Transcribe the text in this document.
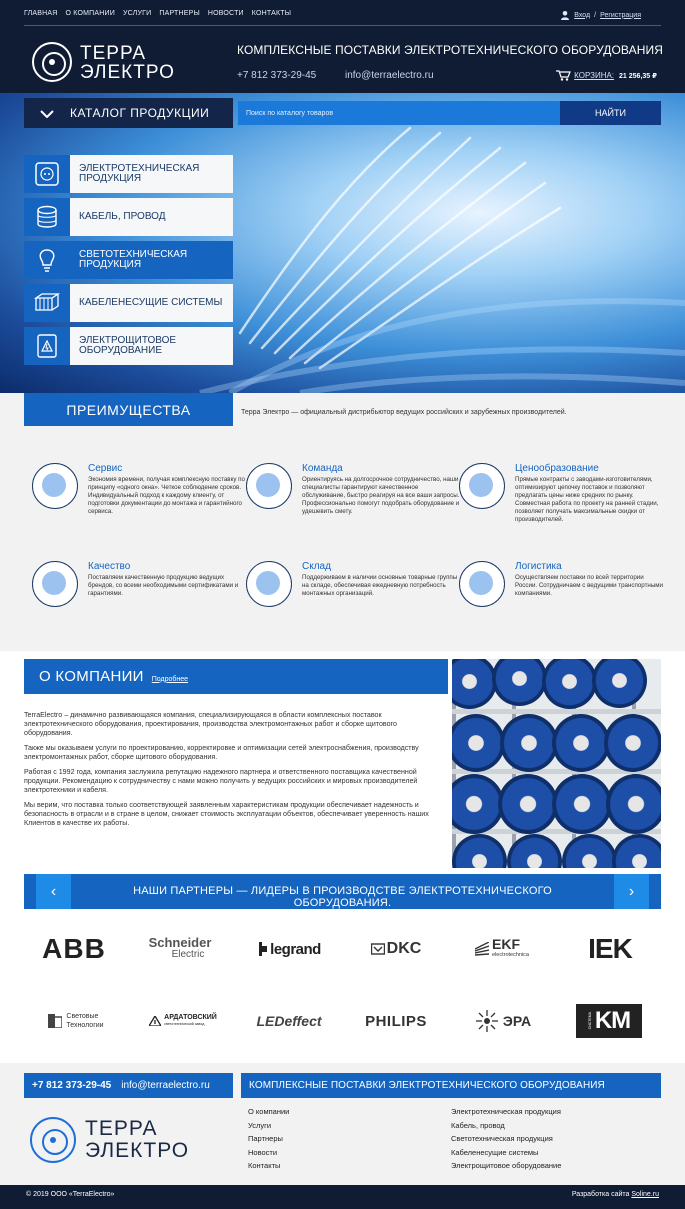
ГЛАВНАЯ О КОМПАНИИ УСЛУГИ ПАРТНЕРЫ НОВОСТИ КОНТАКТЫ	Вход / Регистрация
ТЕРРА
ЭЛЕКТРО
КОМПЛЕКСНЫЕ ПОСТАВКИ ЭЛЕКТРОТЕХНИЧЕСКОГО ОБОРУДОВАНИЯ
+7 812 373-29-45	info@terraelectro.ru	КОРЗИНА: 21 256,35 ₽
КАТАЛОГ ПРОДУКЦИИ
Поиск по каталогу товаров	НАЙТИ
ЭЛЕКТРОТЕХНИЧЕСКАЯ ПРОДУКЦИЯ
КАБЕЛЬ, ПРОВОД
СВЕТОТЕХНИЧЕСКАЯ ПРОДУКЦИЯ
КАБЕЛЕНЕСУЩИЕ СИСТЕМЫ
ЭЛЕКТРОЩИТОВОЕ ОБОРУДОВАНИЕ
ПРЕИМУЩЕСТВА	Терра Электро — официальный дистрибьютор ведущих российских и зарубежных производителей.
Сервис
Экономия времени, получая комплексную поставку по принципу «одного окна». Четкое соблюдение сроков. Индивидуальный подход к каждому клиенту, от подготовки документации до монтажа и гарантийного сервиса.
Команда
Ориентируясь на долгосрочное сотрудничество, наши специалисты гарантируют качественное обслуживание, быстро реагируя на все ваши запросы. Профессионально помогут подобрать оборудование и удешевить смету.
Ценообразование
Прямые контракты с заводами-изготовителями, оптимизируют цепочку поставок и позволяют предлагать цены ниже средних по рынку. Совместная работа по проекту на ранней стадии, позволяет получать максимальные скидки от производителей.
Качество
Поставляем качественную продукцию ведущих брендов, со всеми необходимыми сертификатами и гарантиями.
Склад
Поддерживаем в наличии основные товарные группы на складе, обеспечивая ежедневную потребность монтажных организаций.
Логистика
Осуществляем поставки по всей территории России. Сотрудничаем с ведущими транспортными компаниями.
О КОМПАНИИ Подробнее

TerraElectro – динамично развивающаяся компания, специализирующаяся в области комплексных поставок электротехнического оборудования, проектирования, производства электромонтажных работ и сборке щитового оборудования.

Также мы оказываем услуги по проектированию, корректировке и оптимизации сетей электроснабжения, производству электромонтажных работ, сборке щитового оборудования.

Работая с 1992 года, компания заслужила репутацию надежного партнера и ответственного поставщика качественной продукции. Рекомендацию к сотрудничеству с нами можно получить у ведущих российских и мировых производителей электротехники и кабеля.

Мы верим, что поставка только соответствующей заявленным характеристикам продукции обеспечивает надежность и безопасность в отрасли и в стране в целом, снижает стоимость эксплуатации объектов, обеспечивает уверенность наших Клиентов в качестве их работы.

‹	НАШИ ПАРТНЕРЫ — ЛИДЕРЫ В ПРОИЗВОДСТВЕ ЭЛЕКТРОТЕХНИЧЕСКОГО ОБОРУДОВАНИЯ.
›
ABB	Schneider
Electric	legrand	DKC	EKF
electrotechnica IEK
Световые
Технологии
АРДАТОВСКИЙ
светотехнический завод	LEDeffect	PHILIPS	ЭРА	СИСТЕМА KM
+7 812 373-29-45 info@terraelectro.ru	КОМПЛЕКСНЫЕ ПОСТАВКИ ЭЛЕКТРОТЕХНИЧЕСКОГО ОБОРУДОВАНИЯ
ТЕРРА
ЭЛЕКТРО
О компании
Услуги
Партнеры
Новости
Контакты
Электротехническая продукция
Кабель, провод
Светотехническая продукция
Кабеленесущие системы
Электрощитовое оборудование
© 2019 ООО «TerraElectro»	Разработка сайта Soline.ru
